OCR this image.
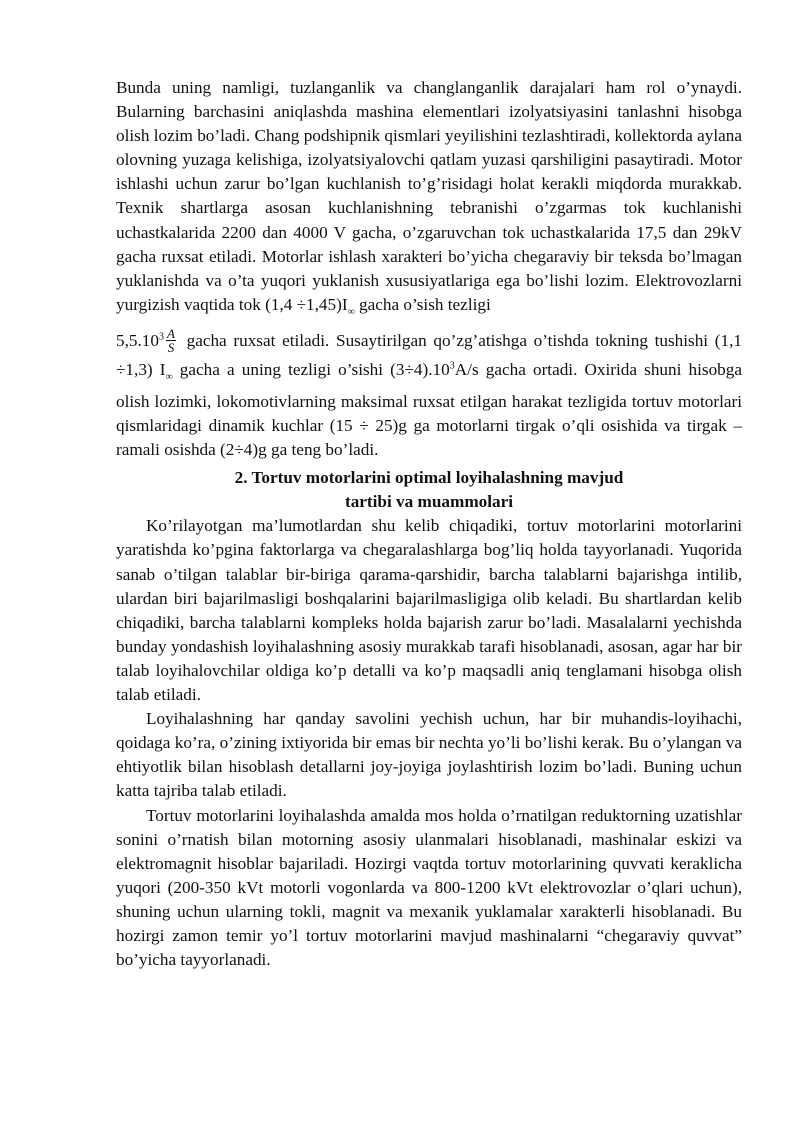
Bunda uning namligi, tuzlanganlik va changlanganlik darajalari ham rol o’ynaydi. Bularning barchasini aniqlashda mashina elementlari izolyatsiyasini tanlashni hisobga olish lozim bo’ladi. Chang podshipnik qismlari yeyilishini tezlashtiradi, kollektorda aylana olovning yuzaga kelishiga, izolyatsiyalovchi qatlam yuzasi qarshiligini pasaytiradi. Motor ishlashi uchun zarur bo’lgan kuchlanish to’g’risidagi holat kerakli miqdorda murakkab. Texnik shartlarga asosan kuchlanishning tebranishi o’zgarmas tok kuchlanishi uchastkalarida 2200 dan 4000 V gacha, o’zgaruvchan tok uchastkalarida 17,5 dan 29kV gacha ruxsat etiladi. Motorlar ishlash xarakteri bo’yicha chegaraviy bir teksda bo’lmagan yuklanishda va o’ta yuqori yuklanish xususiyatlariga ega bo’lishi lozim. Elektrovozlarni yurgizish vaqtida tok $(1,4 \div 1,45)I_\infty$ gacha o’sish tezligi

$5,5.10^3 \frac{A}{S}$ gacha ruxsat etiladi. Susaytirilgan qo’zg’atishga o’tishda tokning tushishi (1,1 ÷1,3) $I_\infty$ gacha a uning tezligi o’sishi $(3\div 4).10^3A/s$ gacha ortadi. Oxirida shuni hisobga olish lozimki, lokomotivlarning maksimal ruxsat etilgan harakat tezligida tortuv motorlari qismlaridagi dinamik kuchlar (15 ÷ 25)g ga motorlarni tirgak o’qli osishida va tirgak –ramali osishda (2÷4)g ga teng bo’ladi.

2. Tortuv motorlarini optimal loyihalashning mavjud
tartibi va muammolari

Ko’rilayotgan ma’lumotlardan shu kelib chiqadiki, tortuv motorlarini motorlarini yaratishda ko’pgina faktorlarga va chegaralashlarga bog’liq holda tayyorlanadi. Yuqorida sanab o’tilgan talablar bir-biriga qarama-qarshidir, barcha talablarni bajarishga intilib, ulardan biri bajarilmasligi boshqalarini bajarilmasligiga olib keladi. Bu shartlardan kelib chiqadiki, barcha talablarni kompleks holda bajarish zarur bo’ladi. Masalalarni yechishda bunday yondashish loyihalashning asosiy murakkab tarafi hisoblanadi, asosan, agar har bir talab loyihalovchilar oldiga ko’p detalli va ko’p maqsadli aniq tenglamani hisobga olish talab etiladi.

Loyihalashning har qanday savolini yechish uchun, har bir muhandis-loyihachi, qoidaga ko’ra, o’zining ixtiyorida bir emas bir nechta yo’li bo’lishi kerak. Bu o’ylangan va ehtiyotlik bilan hisoblash detallarni joy-joyiga joylashtirish lozim bo’ladi. Buning uchun katta tajriba talab etiladi.

Tortuv motorlarini loyihalashda amalda mos holda o’rnatilgan reduktorning uzatishlar sonini o’rnatish bilan motorning asosiy ulanmalari hisoblanadi, mashinalar eskizi va elektromagnit hisoblar bajariladi. Hozirgi vaqtda tortuv motorlarining quvvati keraklicha yuqori (200-350 kVt motorli vogonlarda va 800-1200 kVt elektrovozlar o’qlari uchun), shuning uchun ularning tokli, magnit va mexanik yuklamalar xarakterli hisoblanadi. Bu hozirgi zamon temir yo’l tortuv motorlarini mavjud mashinalarni “chegaraviy quvvat” bo’yicha tayyorlanadi.
